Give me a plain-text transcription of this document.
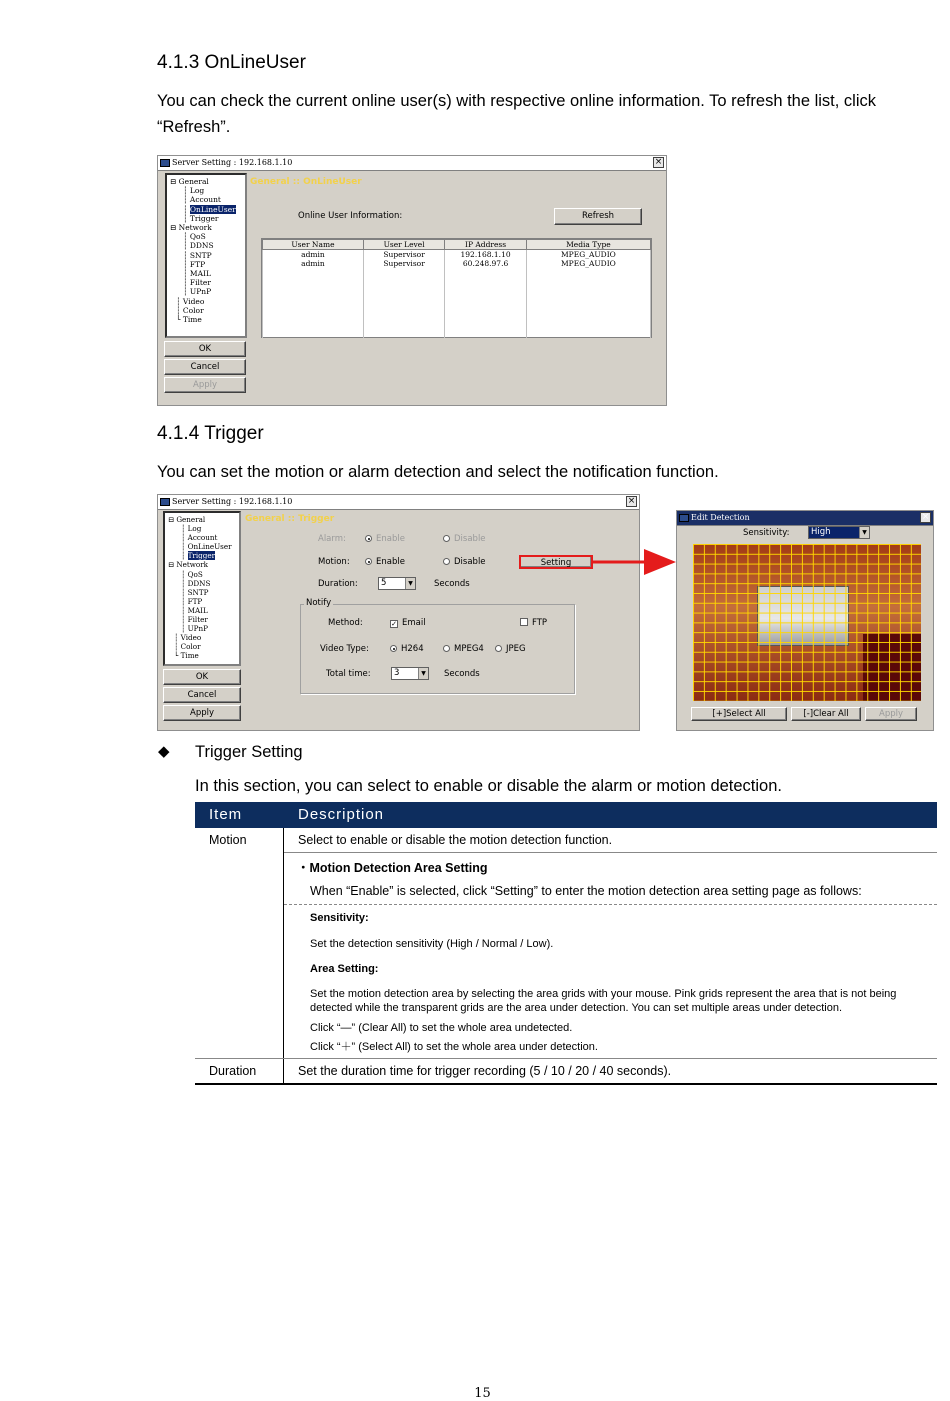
4.1.3 OnLineUser
You can check the current online user(s) with respective online information. To refresh the list, click “Refresh”.
Server Setting : 192.168.1.10	×
⊟ General
┆ Log
┆ Account
┆ OnLineUser
┆ Trigger
⊟ Network
┆ QoS
┆ DDNS
┆ SNTP
┆ FTP
┆ MAIL
┆ Filter
┆ UPnP
┆ Video
┆ Color
└ Time
OK
Cancel
Apply
General :: OnLineUser
Online User Information:	Refresh
User Name	User Level	IP Address	Media Type
admin	Supervisor	192.168.1.10	MPEG_AUDIO
admin	Supervisor	60.248.97.6	MPEG_AUDIO

4.1.4 Trigger
You can set the motion or alarm detection and select the notification function.
Server Setting : 192.168.1.10	×
⊟ General
┆ Log
┆ Account
┆ OnLineUser
┆ Trigger
⊟ Network
┆ QoS
┆ DDNS
┆ SNTP
┆ FTP
┆ MAIL
┆ Filter
┆ UPnP
┆ Video
┆ Color
└ Time
OK
Cancel
Apply
General :: Trigger
Alarm:	Enable	Disable
Motion:	Enable	Disable	Setting
Duration:	5	▼ Seconds
Notify
Method:	✓ Email	FTP
Video Type:	H264	MPEG4	JPEG
Total time:	3	▼ Seconds
Edit Detection	×
Sensitivity:	High	▼
[+]Select All	[-]Clear All	Apply
◆ Trigger Setting
In this section, you can select to enable or disable the alarm or motion detection.
Item	Description
Motion	Select to enable or disable the motion detection function.
・Motion Detection Area Setting
When “Enable” is selected, click “Setting” to enter the motion detection area setting page as follows:
Sensitivity:
Set the detection sensitivity (High / Normal / Low).
Area Setting:
Set the motion detection area by selecting the area grids with your mouse. Pink grids represent the area that is not being detected while the transparent grids are the area under detection. You can set multiple areas under detection.
Click “—” (Clear All) to set the whole area undetected.
Click “＋” (Select All) to set the whole area under detection.
Duration	Set the duration time for trigger recording (5 / 10 / 20 / 40 seconds).
15
